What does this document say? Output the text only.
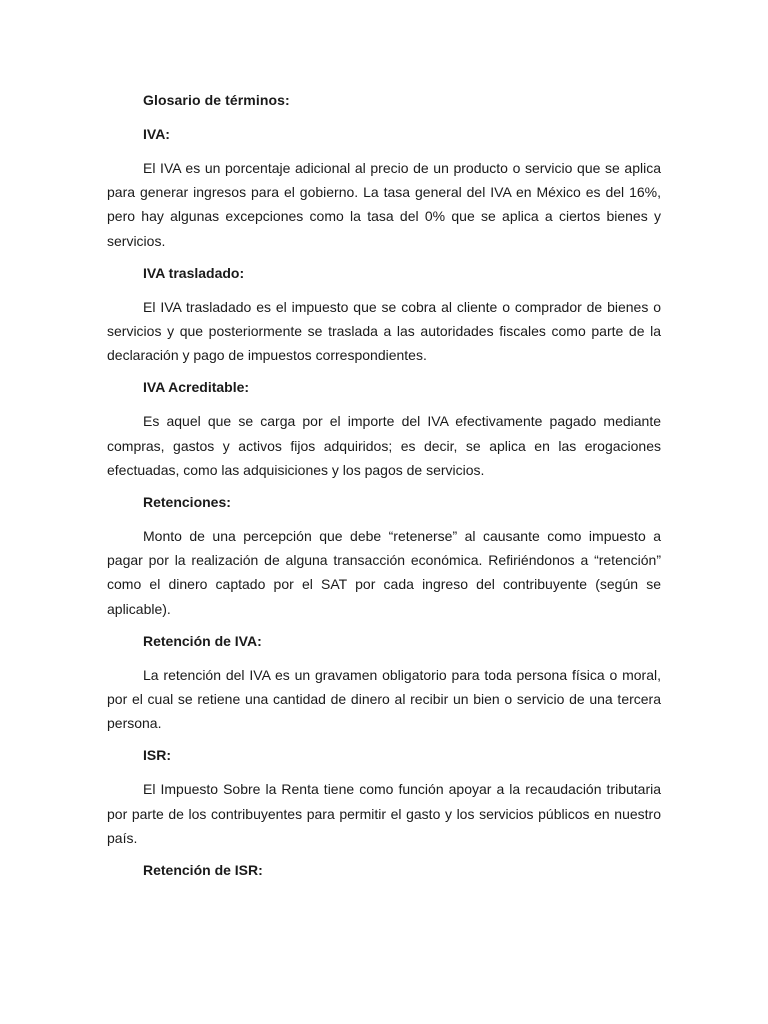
Glosario de términos:
IVA:

El IVA es un porcentaje adicional al precio de un producto o servicio que se aplica para generar ingresos para el gobierno. La tasa general del IVA en México es del 16%, pero hay algunas excepciones como la tasa del 0% que se aplica a ciertos bienes y servicios.

IVA trasladado:

El IVA trasladado es el impuesto que se cobra al cliente o comprador de bienes o servicios y que posteriormente se traslada a las autoridades fiscales como parte de la declaración y pago de impuestos correspondientes.

IVA Acreditable:

Es aquel que se carga por el importe del IVA efectivamente pagado mediante compras, gastos y activos fijos adquiridos; es decir, se aplica en las erogaciones efectuadas, como las adquisiciones y los pagos de servicios.

Retenciones:

Monto de una percepción que debe “retenerse” al causante como impuesto a pagar por la realización de alguna transacción económica. Refiriéndonos a “retención” como el dinero captado por el SAT por cada ingreso del contribuyente (según se aplicable).

Retención de IVA:

La retención del IVA es un gravamen obligatorio para toda persona física o moral, por el cual se retiene una cantidad de dinero al recibir un bien o servicio de una tercera persona.

ISR:

El Impuesto Sobre la Renta tiene como función apoyar a la recaudación tributaria por parte de los contribuyentes para permitir el gasto y los servicios públicos en nuestro país.

Retención de ISR:
